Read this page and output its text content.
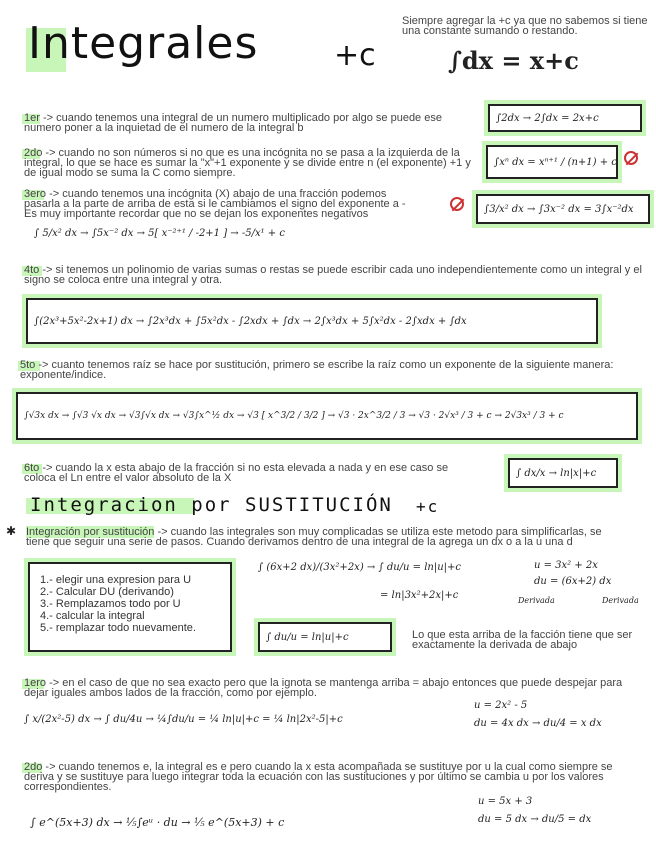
Integrales	+c
Siempre agregar la +c ya que no sabemos si tiene una constante sumando o restando.
∫dx = x+c
1er -> cuando tenemos una integral de un numero multiplicado por algo se puede ese numero poner a la inquietad de el numero de la integral b
∫2dx → 2∫dx = 2x+c
2do -> cuando no son números si no que es una incógnita no se pasa a la izquierda de la integral, lo que se hace es sumar la "x"+1 exponente y se divide entre n (el exponente) +1 y de igual modo se suma la C como siempre.
∫xⁿ dx = xⁿ⁺¹ / (n+1) + c
3ero -> cuando tenemos una incógnita (X) abajo de una fracción podemos pasarla a la parte de arriba de esta si le cambiamos el signo del exponente a - Es muy importante recordar que no se dejan los exponentes negativos	∫3/x² dx → ∫3x⁻² dx = 3∫x⁻²dx
∫ 5/x² dx → ∫5x⁻² dx → 5[ x⁻²⁺¹ / -2+1 ] → -5/x¹ + c
4to -> si tenemos un polinomio de varias sumas o restas se puede escribir cada uno independientemente como un integral y el signo se coloca entre una integral y otra.
∫(2x³+5x²-2x+1) dx → ∫2x³dx + ∫5x²dx - ∫2xdx + ∫dx → 2∫x³dx + 5∫x²dx - 2∫xdx + ∫dx
5to -> cuanto tenemos raíz se hace por sustitución, primero se escribe la raíz como un exponente de la siguiente manera: exponente/indice.
∫√3x dx → ∫√3 √x dx → √3∫√x dx → √3∫x^½ dx → √3 [ x^3/2 / 3/2 ] → √3 · 2x^3/2 / 3 → √3 · 2√x³ / 3 + c → 2√3x³ / 3 + c
6to -> cuando la x esta abajo de la fracción si no esta elevada a nada y en ese caso se coloca el Ln entre el valor absoluto de la X	∫ dx/x → ln|x|+c
Integracion por SUSTITUCIÓN +c
✱ Integración por sustitución -> cuando las integrales son muy complicadas se utiliza este metodo para simplificarlas, se tiene que seguir una serie de pasos. Cuando derivamos dentro de una integral de la agrega un dx o a la u una d
1.- elegir una expresion para U
2.- Calcular DU (derivando)
3.- Remplazamos todo por U
4.- calcular la integral
5.- remplazar todo nuevamente.
∫ (6x+2 dx)/(3x²+2x) → ∫ du/u = ln|u|+c
= ln|3x²+2x|+c
u = 3x² + 2x
du = (6x+2) dx
Derivada	Derivada
∫ du/u = ln|u|+c	Lo que esta arriba de la facción tiene que ser exactamente la derivada de abajo
1ero -> en el caso de que no sea exacto pero que la ignota se mantenga arriba = abajo entonces que puede despejar para dejar iguales ambos lados de la fracción, como por ejemplo.
∫ x/(2x²-5) dx → ∫ du/4u → ¼∫du/u = ¼ ln|u|+c = ¼ ln|2x²-5|+c
u = 2x² - 5
du = 4x dx → du/4 = x dx
2do -> cuando tenemos e, la integral es e pero cuando la x esta acompañada se sustituye por u la cual como siempre se deriva y se sustituye para luego integrar toda la ecuación con las sustituciones y por último se cambia u por los valores correspondientes.
∫ e^(5x+3) dx → ⅕∫eᵘ · du → ⅕ e^(5x+3) + c
u = 5x + 3
du = 5 dx → du/5 = dx
